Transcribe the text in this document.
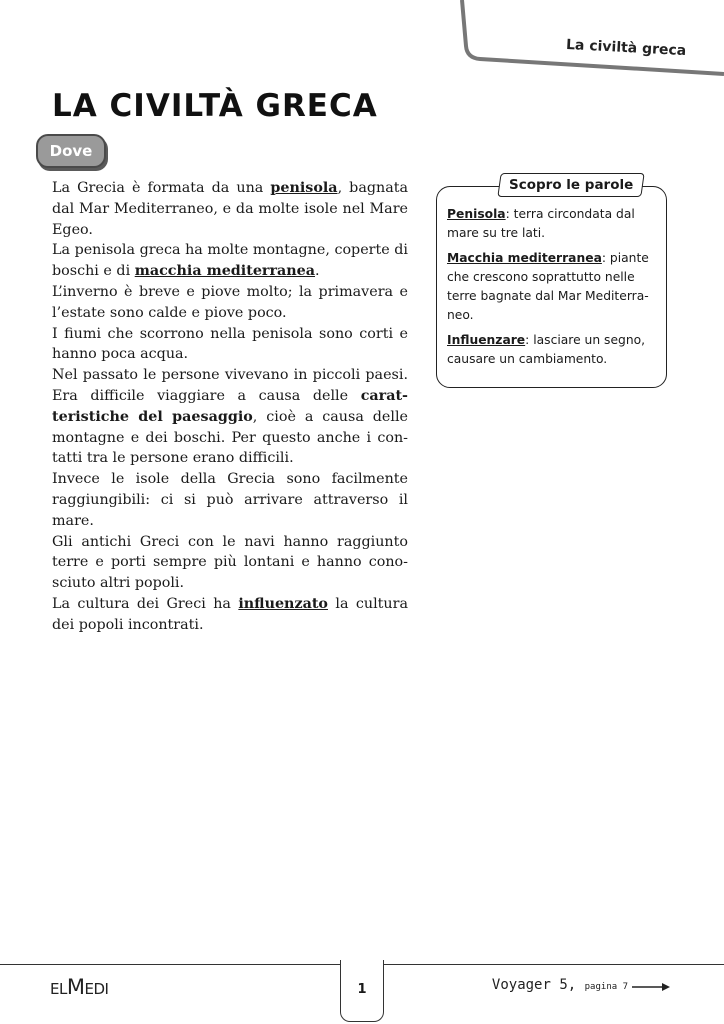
La civiltà greca
LA CIVILTÀ GRECA
Dove

La Grecia è formata da una penisola, bagnata dal Mar Mediterraneo, e da molte isole nel Mare Egeo.

La penisola greca ha molte montagne, coperte di boschi e di macchia mediterranea.

L’inverno è breve e piove molto; la primavera e l’estate sono calde e piove poco.

I fiumi che scorrono nella penisola sono corti e hanno poca acqua.

Nel passato le persone vivevano in piccoli paesi. Era difficile viaggiare a causa delle carat-teristiche del paesaggio, cioè a causa delle montagne e dei boschi. Per questo anche i con-tatti tra le persone erano difficili.

Invece le isole della Grecia sono facilmente raggiungibili: ci si può arrivare attraverso il mare.

Gli antichi Greci con le navi hanno raggiunto terre e porti sempre più lontani e hanno cono-sciuto altri popoli.

La cultura dei Greci ha influenzato la cultura dei popoli incontrati.

Scopro le parole

Penisola: terra circondata dal mare su tre lati.

Macchia mediterranea: piante che crescono soprattutto nelle terre bagnate dal Mar Mediterra-neo.

Influenzare: lasciare un segno, causare un cambiamento.

ELMEDI	1	Voyager 5, pagina 7
